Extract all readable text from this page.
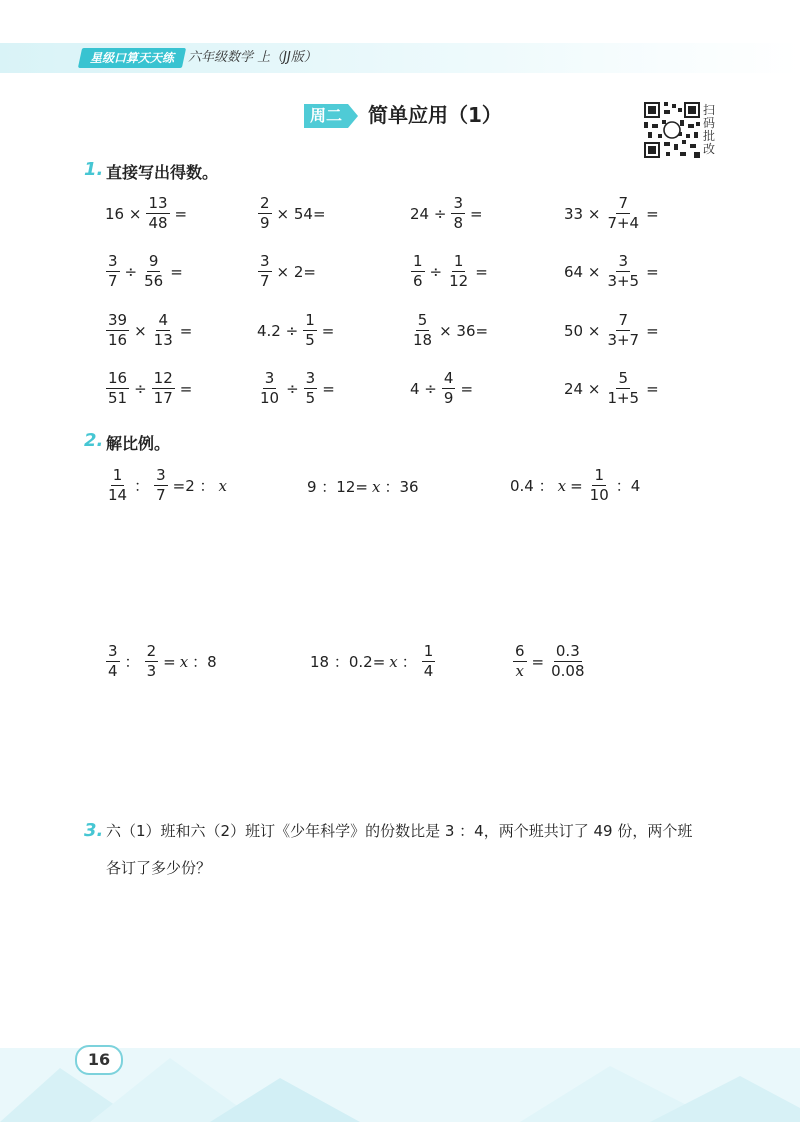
星级口算天天练	六年级数学 上（JJ版）
周二	简单应用（1）	扫码批改
1. 直接写出得数。
$16 \times \frac{13}{48}$ =	$\frac{2}{9} \times 54=$	$24 \div \frac{3}{8}$ =	$33 \times \frac{7}{7+4}$ =
$\frac{3}{7} \div \frac{9}{56}$ =	$\frac{3}{7} \times 2=$	$\frac{1}{6} \div \frac{1}{12}$ =	$64 \times \frac{3}{3+5}$ =
$\frac{39}{16} \times \frac{4}{13}$ =	$4.2 \div \frac{1}{5}$ =	$\frac{5}{18} \times 36=$	$50 \times \frac{7}{3+7}$ =
$\frac{16}{51} \div \frac{12}{17}$ =	$\frac{3}{10} \div \frac{3}{5}$ =	$4 \div \frac{4}{9}$ =	$24 \times \frac{5}{1+5}$ =
2. 解比例。
$\frac{1}{14}$ ： $\frac{3}{7} =2$ ： x	9 ：12= x ：36	0.4 ： $x = \frac{1}{10}$ ：4
$\frac{3}{4}$ ： $\frac{2}{3} = x$ ：8	18 ：0.2= x ： $\frac{1}{4}$	$\frac{6}{x} = \frac{0.3}{0.08}$
3. 六（1）班和六（2）班订《少年科学》的份数比是 3 ：4，两个班共订了 49 份，两个班
各订了多少份？
16
